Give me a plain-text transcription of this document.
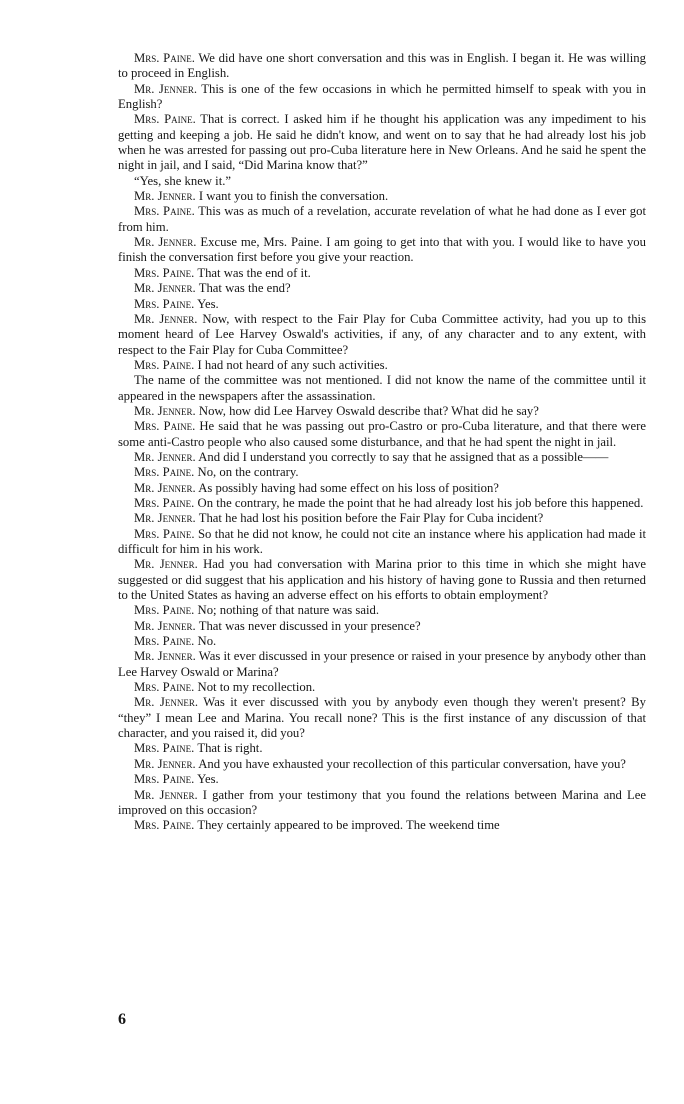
Mrs. Paine. We did have one short conversation and this was in English. I began it. He was willing to proceed in English.

Mr. Jenner. This is one of the few occasions in which he permitted himself to speak with you in English?

Mrs. Paine. That is correct. I asked him if he thought his application was any impediment to his getting and keeping a job. He said he didn't know, and went on to say that he had already lost his job when he was arrested for passing out pro-Cuba literature here in New Orleans. And he said he spent the night in jail, and I said, “Did Marina know that?”

“Yes, she knew it.”

Mr. Jenner. I want you to finish the conversation.

Mrs. Paine. This was as much of a revelation, accurate revelation of what he had done as I ever got from him.

Mr. Jenner. Excuse me, Mrs. Paine. I am going to get into that with you. I would like to have you finish the conversation first before you give your reaction.

Mrs. Paine. That was the end of it.

Mr. Jenner. That was the end?

Mrs. Paine. Yes.

Mr. Jenner. Now, with respect to the Fair Play for Cuba Committee activity, had you up to this moment heard of Lee Harvey Oswald's activities, if any, of any character and to any extent, with respect to the Fair Play for Cuba Committee?

Mrs. Paine. I had not heard of any such activities.

The name of the committee was not mentioned. I did not know the name of the committee until it appeared in the newspapers after the assassination.

Mr. Jenner. Now, how did Lee Harvey Oswald describe that? What did he say?

Mrs. Paine. He said that he was passing out pro-Castro or pro-Cuba literature, and that there were some anti-Castro people who also caused some disturbance, and that he had spent the night in jail.

Mr. Jenner. And did I understand you correctly to say that he assigned that as a possible——

Mrs. Paine. No, on the contrary.

Mr. Jenner. As possibly having had some effect on his loss of position?

Mrs. Paine. On the contrary, he made the point that he had already lost his job before this happened.

Mr. Jenner. That he had lost his position before the Fair Play for Cuba incident?

Mrs. Paine. So that he did not know, he could not cite an instance where his application had made it difficult for him in his work.

Mr. Jenner. Had you had conversation with Marina prior to this time in which she might have suggested or did suggest that his application and his history of having gone to Russia and then returned to the United States as having an adverse effect on his efforts to obtain employment?

Mrs. Paine. No; nothing of that nature was said.

Mr. Jenner. That was never discussed in your presence?

Mrs. Paine. No.

Mr. Jenner. Was it ever discussed in your presence or raised in your presence by anybody other than Lee Harvey Oswald or Marina?

Mrs. Paine. Not to my recollection.

Mr. Jenner. Was it ever discussed with you by anybody even though they weren't present? By “they” I mean Lee and Marina. You recall none? This is the first instance of any discussion of that character, and you raised it, did you?

Mrs. Paine. That is right.

Mr. Jenner. And you have exhausted your recollection of this particular conversation, have you?

Mrs. Paine. Yes.

Mr. Jenner. I gather from your testimony that you found the relations between Marina and Lee improved on this occasion?

Mrs. Paine. They certainly appeared to be improved. The weekend time

6
